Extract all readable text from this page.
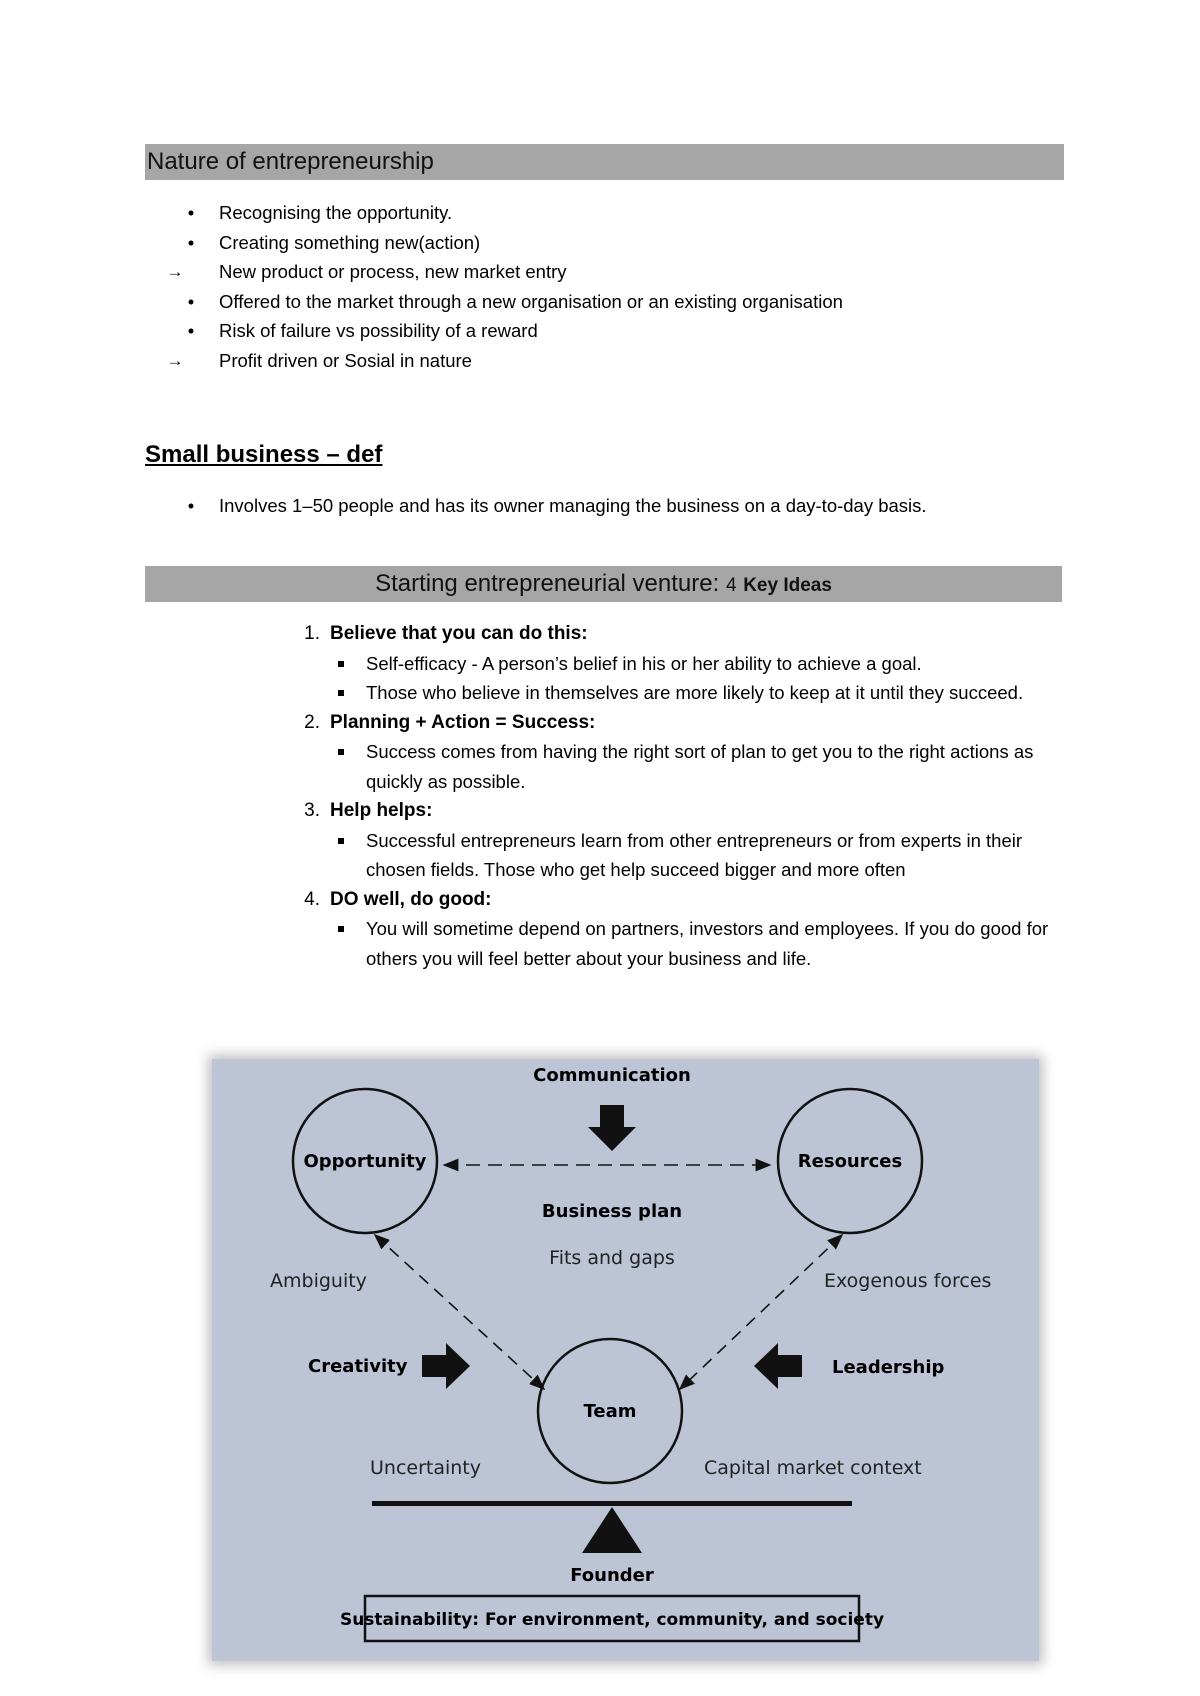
Nature of entrepreneurship
•	Recognising the opportunity.
•	Creating something new(action)
→ New product or process, new market entry
•	Offered to the market through a new organisation or an existing organisation
•	Risk of failure vs possibility of a reward
→ Profit driven or Sosial in nature
Small business – def
•	Involves 1–50 people and has its owner managing the business on a day-to-day basis.
Starting entrepreneurial venture: 4 Key Ideas
1. Believe that you can do this:
Self-efficacy - A person’s belief in his or her ability to achieve a goal.
Those who believe in themselves are more likely to keep at it until they succeed.
2. Planning + Action = Success:
Success comes from having the right sort of plan to get you to the right actions as quickly as possible.
3. Help helps:
Successful entrepreneurs learn from other entrepreneurs or from experts in their chosen fields. Those who get help succeed bigger and more often
4. DO well, do good:
You will sometime depend on partners, investors and employees. If you do good for others you will feel better about your business and life.
Communication
Opportunity	Resources
Business plan
Fits and gaps
Ambiguity	Exogenous forces
Creativity	Leadership
Team
Uncertainty	Capital market context
Founder
Sustainability: For environment, community, and society
